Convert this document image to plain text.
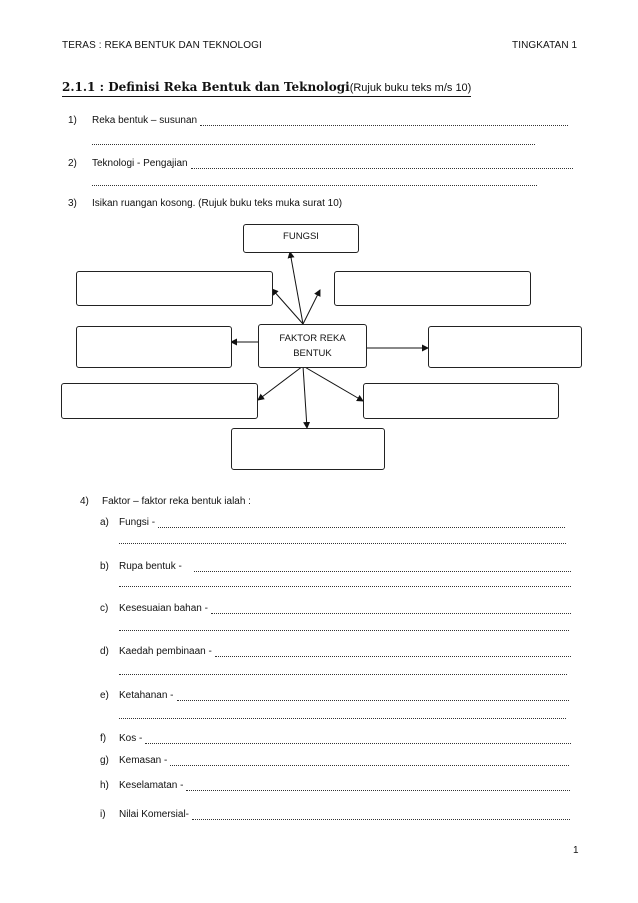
TERAS : REKA BENTUK DAN TEKNOLOGI	TINGKATAN 1
2.1.1 : Definisi Reka Bentuk dan Teknologi(Rujuk buku teks m/s 10)
1)	Reka bentuk – susunan
2)	Teknologi - Pengajian
3)	Isikan ruangan kosong. (Rujuk buku teks muka surat 10)
FUNGSI
FAKTOR REKA BENTUK
4)	Faktor – faktor reka bentuk ialah :
a)	Fungsi -
b)	Rupa bentuk -
c)	Kesesuaian bahan -
d)	Kaedah pembinaan -
e)	Ketahanan -
f)	Kos -
g)	Kemasan -
h)	Keselamatan -
i)	Nilai Komersial-
1
